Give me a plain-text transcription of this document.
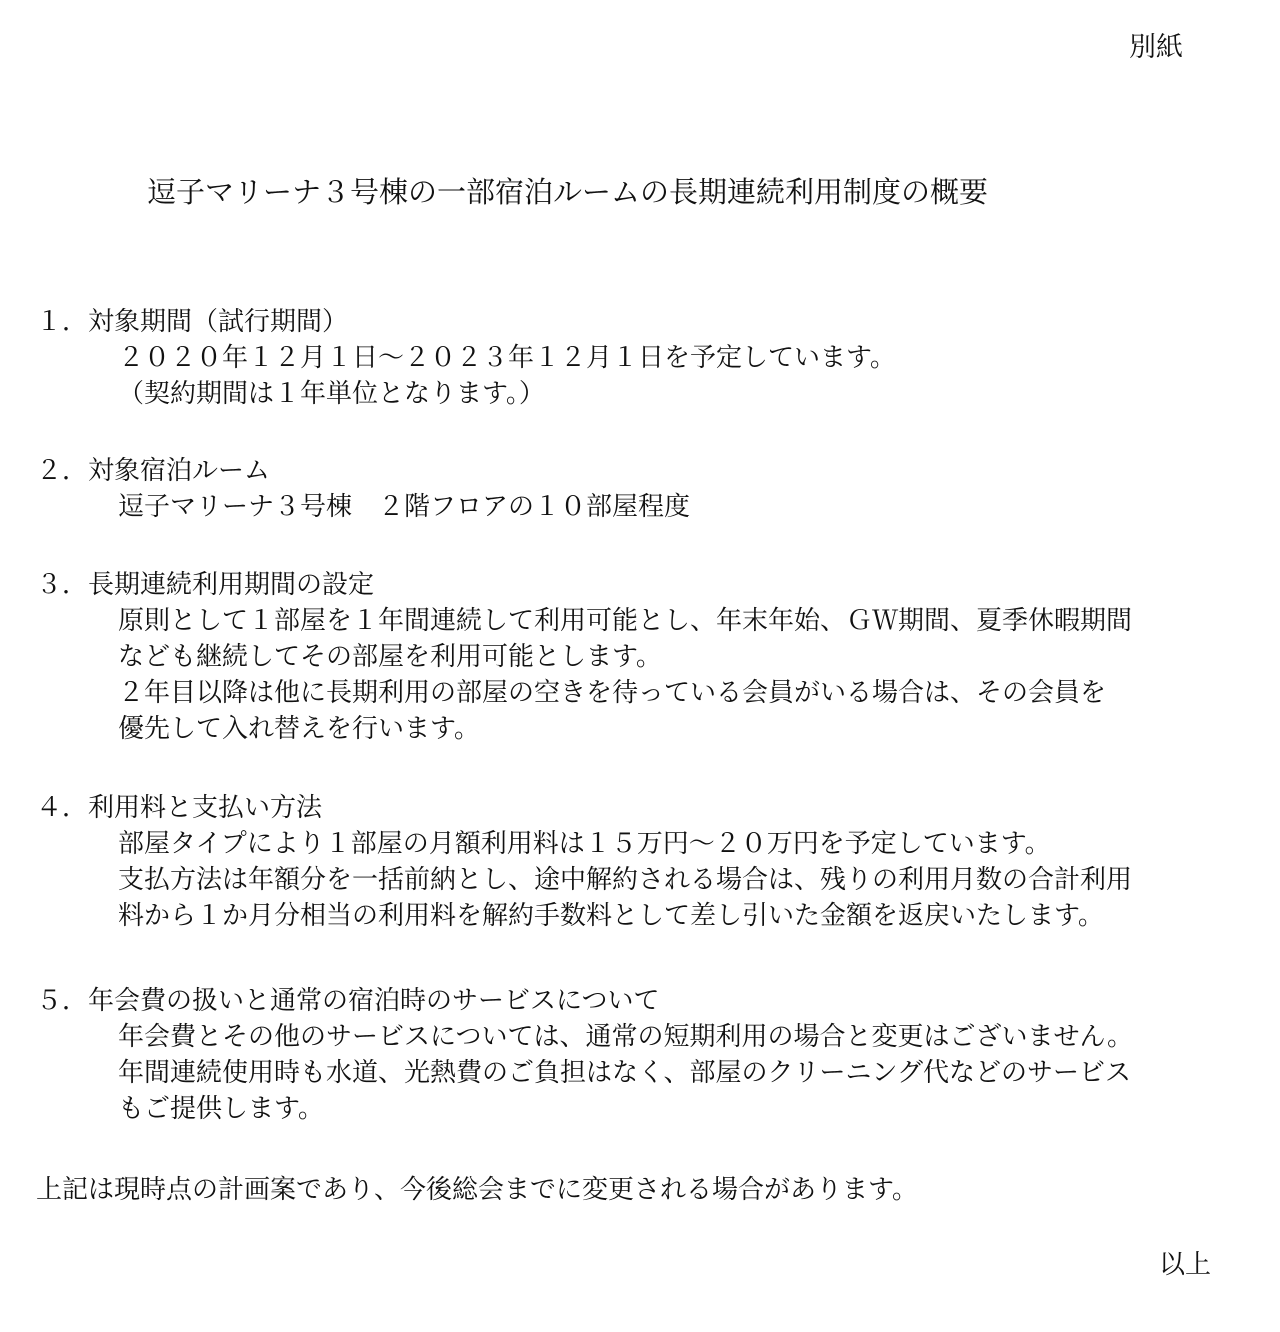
別紙
逗子マリーナ３号棟の一部宿泊ルームの長期連続利用制度の概要
１．対象期間（試行期間）
２０２０年１２月１日～２０２３年１２月１日を予定しています。
（契約期間は１年単位となります。）
２．対象宿泊ルーム
逗子マリーナ３号棟　２階フロアの１０部屋程度
３．長期連続利用期間の設定
原則として１部屋を１年間連続して利用可能とし、年末年始、ＧＷ期間、夏季休暇期間
なども継続してその部屋を利用可能とします。
２年目以降は他に長期利用の部屋の空きを待っている会員がいる場合は、その会員を
優先して入れ替えを行います。
４．利用料と支払い方法
部屋タイプにより１部屋の月額利用料は１５万円～２０万円を予定しています。
支払方法は年額分を一括前納とし、途中解約される場合は、残りの利用月数の合計利用
料から１か月分相当の利用料を解約手数料として差し引いた金額を返戻いたします。
５．年会費の扱いと通常の宿泊時のサービスについて
年会費とその他のサービスについては、通常の短期利用の場合と変更はございません。
年間連続使用時も水道、光熱費のご負担はなく、部屋のクリーニング代などのサービス
もご提供します。
上記は現時点の計画案であり、今後総会までに変更される場合があります。
以上
